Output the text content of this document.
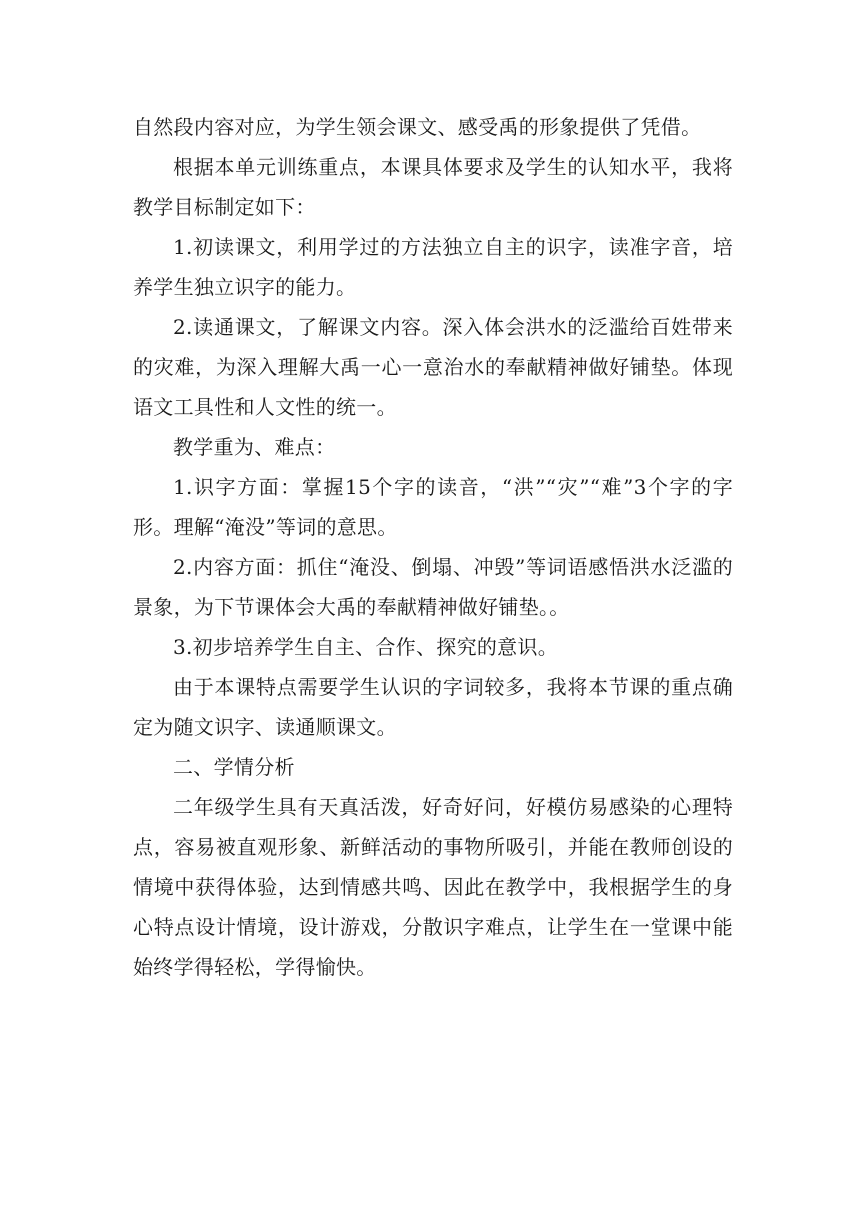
自然段内容对应，为学生领会课文、感受禹的形象提供了凭借。

根据本单元训练重点，本课具体要求及学生的认知水平，我将教学目标制定如下：

1.初读课文，利用学过的方法独立自主的识字，读准字音，培养学生独立识字的能力。

2.读通课文，了解课文内容。深入体会洪水的泛滥给百姓带来的灾难，为深入理解大禹一心一意治水的奉献精神做好铺垫。体现语文工具性和人文性的统一。

教学重为、难点：

1.识字方面：掌握15个字的读音，“洪”“灾”“难”3个字的字形。理解“淹没”等词的意思。

2.内容方面：抓住“淹没、倒塌、冲毁”等词语感悟洪水泛滥的景象，为下节课体会大禹的奉献精神做好铺垫。。

3.初步培养学生自主、合作、探究的意识。

由于本课特点需要学生认识的字词较多，我将本节课的重点确定为随文识字、读通顺课文。

二、学情分析

二年级学生具有天真活泼，好奇好问，好模仿易感染的心理特点，容易被直观形象、新鲜活动的事物所吸引，并能在教师创设的情境中获得体验，达到情感共鸣、因此在教学中，我根据学生的身心特点设计情境，设计游戏，分散识字难点，让学生在一堂课中能始终学得轻松，学得愉快。
